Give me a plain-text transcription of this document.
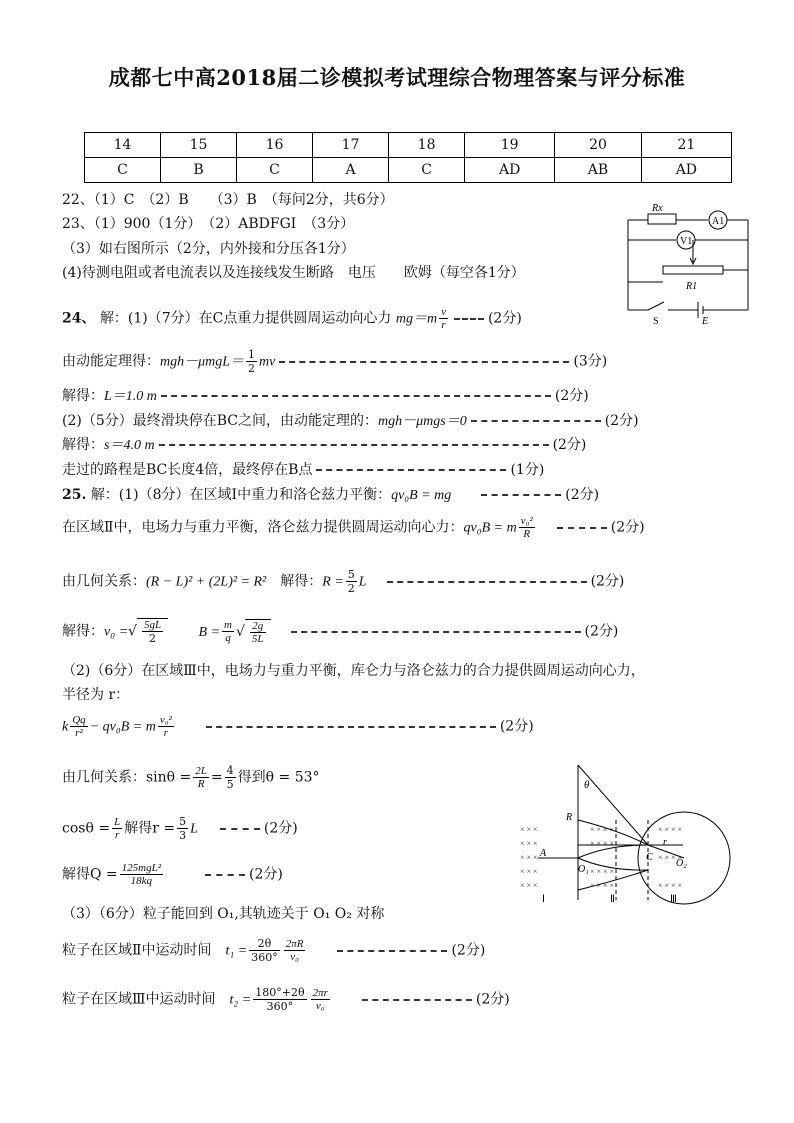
成都七中高2018届二诊模拟考试理综合物理答案与评分标准
14	15	16	17	18	19	20	21
C	B	C	A	C	AD	AB	AD
22、（1）C　（2）B　　（3）B　（每问2分，共6分）
23、（1）900（1分）　（2）ABDFGI　（3分）
（3）如右图所示（2分，内外接和分压各1分）
(4)待测电阻或者电流表以及连接线发生断路　电压　　欧姆（每空各1分）
Rx
A1
V1
R1
S	E
24、 解：(1)（7分）在C点重力提供圆周运动向心力 $mg=m \frac{v}{r}$	(2分)
由动能定理得：$mgh-\mu mgL= \frac{1}{2}$ mv	(3分)
解得：L＝1.0 m	(2分)
(2)（5分）最终滑块停在BC之间，由动能定理的：mgh－μmgs＝0	(2分)
解得：s＝4.0 m	(2分)
走过的路程是BC长度4倍，最终停在B点	(1分)
25. 解：(1)（8分）在区域Ⅰ中重力和洛仑兹力平衡：qv₀B = mg	(2分)
在区域Ⅱ中，电场力与重力平衡，洛仑兹力提供圆周运动向心力：qv₀B = m $\frac{\text{v₀²}}{R}$	(2分)
由几何关系：(R − L)² + (2L)² = R²　 解得：$R = \frac{5}{2}$ L	(2分)
解得：v₀ =√ $\frac{5gL}{2}$	$B = \frac{m}{q}$ √ $\frac{2g}{5L}$	(2分)
（2)（6分）在区域Ⅲ中，电场力与重力平衡，库仑力与洛仑兹力的合力提供圆周运动向心力，
半径为 r：
k $\frac{Qq}{\text{r²}} - qv_0B = m \frac{\text{v₀²}}{r}$	(2分)
由几何关系：$\sin\theta = \frac{2L}{R} = \frac{4}{5}$ 得到θ = 53°
$\cos\theta = \frac{L}{r}$ 解得$r = \frac{5}{3}$ L	(2分)
解得$Q = \frac{\text{125mgL²}}{18kq}$	(2分)
（3）（6分）粒子能回到 O₁,其轨迹关于 O₁ O₂ 对称
粒子在区域Ⅱ中运动时间　 $t_1 = \frac{2\theta}{360^\circ} \frac{2\pi R}{\text{v₀}}$	(2分)
粒子在区域Ⅲ中运动时间　 $t_2 = \frac{180^\circ+2\theta}{360^\circ} \frac{2\pi r}{\text{v₀}}$	(2分)
× × ×
× × ×
× × ×
× × ×
× × ×
× × × ×
× × × ×
× × × ×
× × × ×
× × × ×
× × × ×
× × × ×
θ
R
A	C
r
O₁
O₂
Ⅰ	Ⅱ	Ⅲ
